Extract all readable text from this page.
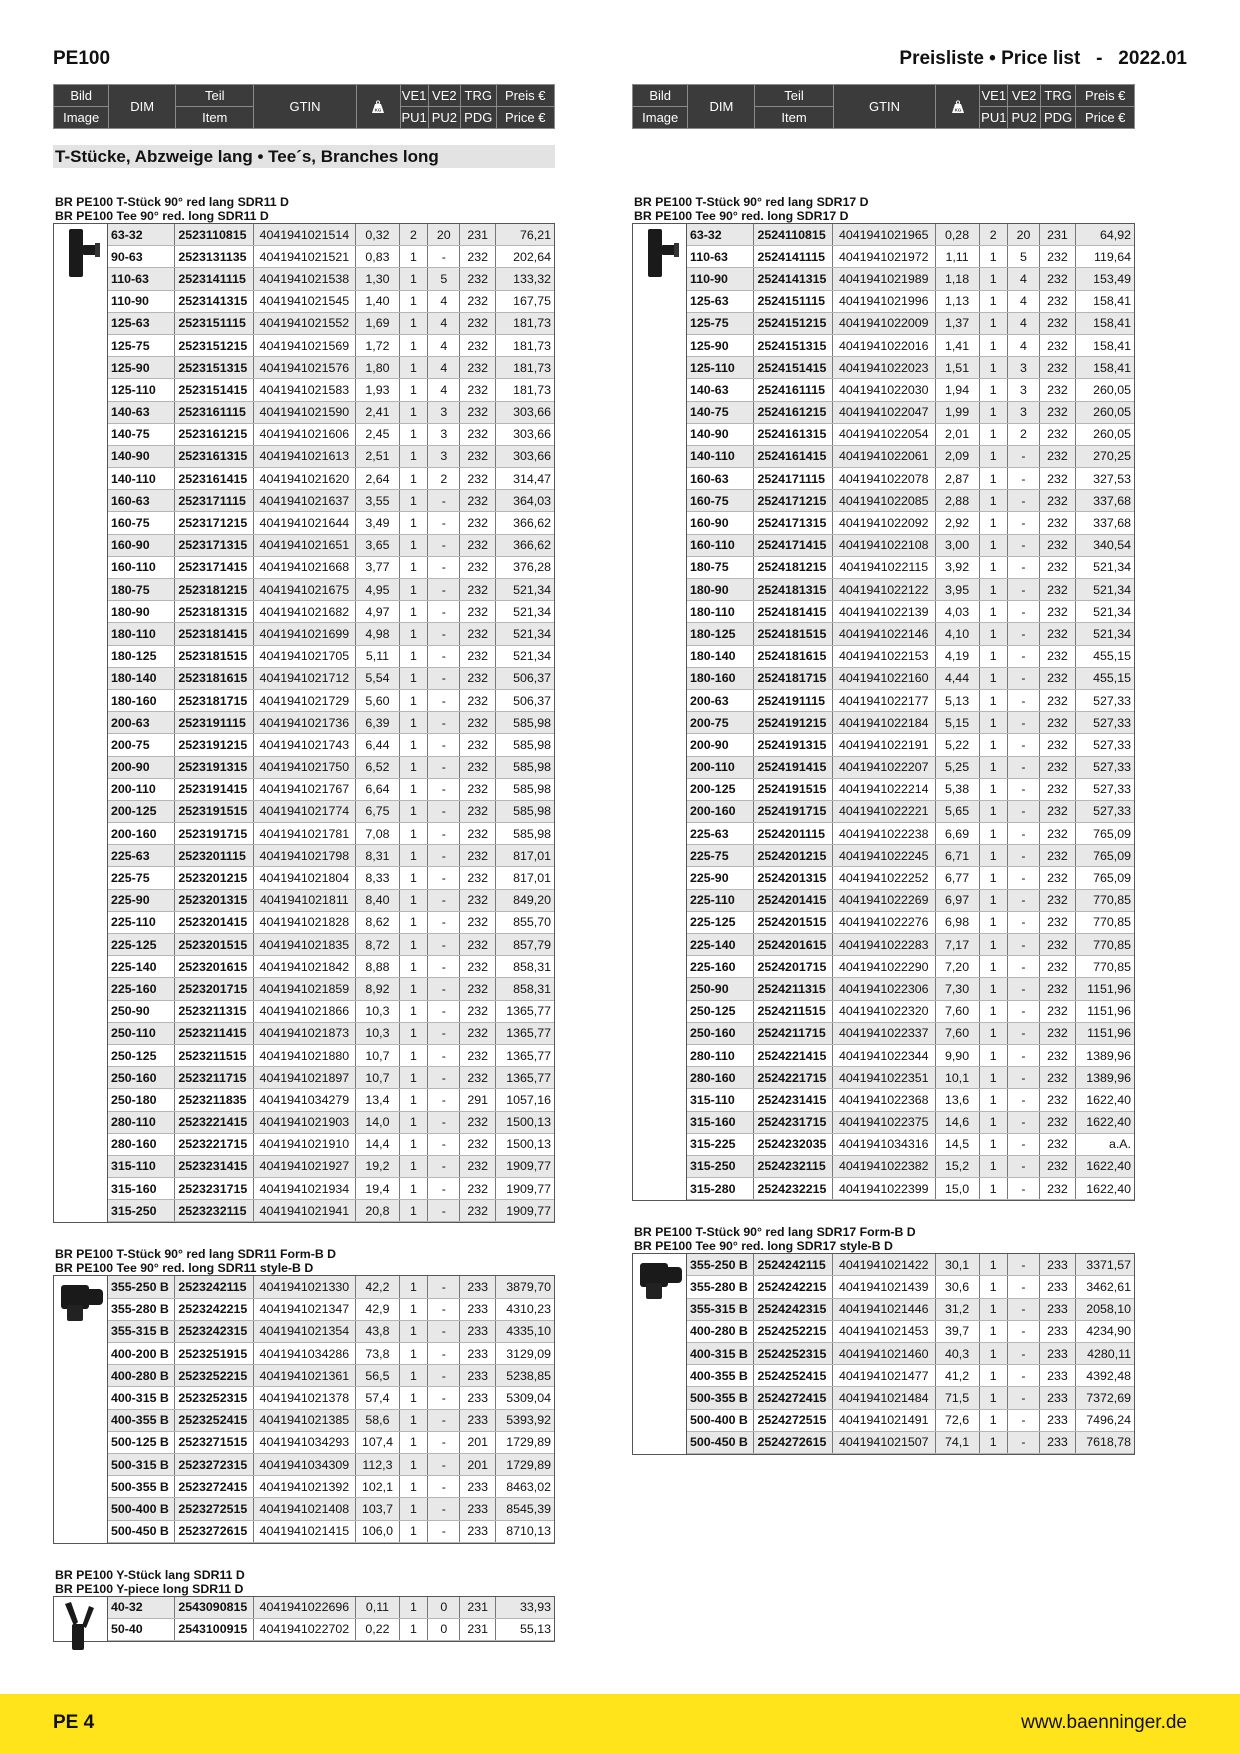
PE100	Preisliste • Price list   -   2022.01
Bild	DIM	Teil	GTIN	KG	VE1	VE2	TRG	Preis €
Image		Item			PU1	PU2	PDG	Price €
T-Stücke, Abzweige lang • Tee´s, Branches long
BR PE100 T-Stück 90° red lang SDR11 D
BR PE100 Tee 90° red. long SDR11 D
63-32	2523110815	4041941021514	0,32	2	20	231	76,21
90-63	2523131135	4041941021521	0,83	1	-	232	202,64
110-63	2523141115	4041941021538	1,30	1	5	232	133,32
110-90	2523141315	4041941021545	1,40	1	4	232	167,75
125-63	2523151115	4041941021552	1,69	1	4	232	181,73
125-75	2523151215	4041941021569	1,72	1	4	232	181,73
125-90	2523151315	4041941021576	1,80	1	4	232	181,73
125-110	2523151415	4041941021583	1,93	1	4	232	181,73
140-63	2523161115	4041941021590	2,41	1	3	232	303,66
140-75	2523161215	4041941021606	2,45	1	3	232	303,66
140-90	2523161315	4041941021613	2,51	1	3	232	303,66
140-110	2523161415	4041941021620	2,64	1	2	232	314,47
160-63	2523171115	4041941021637	3,55	1	-	232	364,03
160-75	2523171215	4041941021644	3,49	1	-	232	366,62
160-90	2523171315	4041941021651	3,65	1	-	232	366,62
160-110	2523171415	4041941021668	3,77	1	-	232	376,28
180-75	2523181215	4041941021675	4,95	1	-	232	521,34
180-90	2523181315	4041941021682	4,97	1	-	232	521,34
180-110	2523181415	4041941021699	4,98	1	-	232	521,34
180-125	2523181515	4041941021705	5,11	1	-	232	521,34
180-140	2523181615	4041941021712	5,54	1	-	232	506,37
180-160	2523181715	4041941021729	5,60	1	-	232	506,37
200-63	2523191115	4041941021736	6,39	1	-	232	585,98
200-75	2523191215	4041941021743	6,44	1	-	232	585,98
200-90	2523191315	4041941021750	6,52	1	-	232	585,98
200-110	2523191415	4041941021767	6,64	1	-	232	585,98
200-125	2523191515	4041941021774	6,75	1	-	232	585,98
200-160	2523191715	4041941021781	7,08	1	-	232	585,98
225-63	2523201115	4041941021798	8,31	1	-	232	817,01
225-75	2523201215	4041941021804	8,33	1	-	232	817,01
225-90	2523201315	4041941021811	8,40	1	-	232	849,20
225-110	2523201415	4041941021828	8,62	1	-	232	855,70
225-125	2523201515	4041941021835	8,72	1	-	232	857,79
225-140	2523201615	4041941021842	8,88	1	-	232	858,31
225-160	2523201715	4041941021859	8,92	1	-	232	858,31
250-90	2523211315	4041941021866	10,3	1	-	232	1365,77
250-110	2523211415	4041941021873	10,3	1	-	232	1365,77
250-125	2523211515	4041941021880	10,7	1	-	232	1365,77
250-160	2523211715	4041941021897	10,7	1	-	232	1365,77
250-180	2523211835	4041941034279	13,4	1	-	291	1057,16
280-110	2523221415	4041941021903	14,0	1	-	232	1500,13
280-160	2523221715	4041941021910	14,4	1	-	232	1500,13
315-110	2523231415	4041941021927	19,2	1	-	232	1909,77
315-160	2523231715	4041941021934	19,4	1	-	232	1909,77
315-250	2523232115	4041941021941	20,8	1	-	232	1909,77
BR PE100 T-Stück 90° red lang SDR11 Form-B D
BR PE100 Tee 90° red. long SDR11 style-B D
355-250 B	2523242115	4041941021330	42,2	1	-	233	3879,70
355-280 B	2523242215	4041941021347	42,9	1	-	233	4310,23
355-315 B	2523242315	4041941021354	43,8	1	-	233	4335,10
400-200 B	2523251915	4041941034286	73,8	1	-	233	3129,09
400-280 B	2523252215	4041941021361	56,5	1	-	233	5238,85
400-315 B	2523252315	4041941021378	57,4	1	-	233	5309,04
400-355 B	2523252415	4041941021385	58,6	1	-	233	5393,92
500-125 B	2523271515	4041941034293	107,4	1	-	201	1729,89
500-315 B	2523272315	4041941034309	112,3	1	-	201	1729,89
500-355 B	2523272415	4041941021392	102,1	1	-	233	8463,02
500-400 B	2523272515	4041941021408	103,7	1	-	233	8545,39
500-450 B	2523272615	4041941021415	106,0	1	-	233	8710,13
BR PE100 Y-Stück lang SDR11 D
BR PE100 Y-piece long SDR11 D
40-32	2543090815	4041941022696	0,11	1	0	231	33,93
50-40	2543100915	4041941022702	0,22	1	0	231	55,13
Bild	DIM	Teil	GTIN	KG	VE1	VE2	TRG	Preis €
Image		Item			PU1	PU2	PDG	Price €
BR PE100 T-Stück 90° red lang SDR17 D
BR PE100 Tee 90° red. long SDR17 D
63-32	2524110815	4041941021965	0,28	2	20	231	64,92
110-63	2524141115	4041941021972	1,11	1	5	232	119,64
110-90	2524141315	4041941021989	1,18	1	4	232	153,49
125-63	2524151115	4041941021996	1,13	1	4	232	158,41
125-75	2524151215	4041941022009	1,37	1	4	232	158,41
125-90	2524151315	4041941022016	1,41	1	4	232	158,41
125-110	2524151415	4041941022023	1,51	1	3	232	158,41
140-63	2524161115	4041941022030	1,94	1	3	232	260,05
140-75	2524161215	4041941022047	1,99	1	3	232	260,05
140-90	2524161315	4041941022054	2,01	1	2	232	260,05
140-110	2524161415	4041941022061	2,09	1	-	232	270,25
160-63	2524171115	4041941022078	2,87	1	-	232	327,53
160-75	2524171215	4041941022085	2,88	1	-	232	337,68
160-90	2524171315	4041941022092	2,92	1	-	232	337,68
160-110	2524171415	4041941022108	3,00	1	-	232	340,54
180-75	2524181215	4041941022115	3,92	1	-	232	521,34
180-90	2524181315	4041941022122	3,95	1	-	232	521,34
180-110	2524181415	4041941022139	4,03	1	-	232	521,34
180-125	2524181515	4041941022146	4,10	1	-	232	521,34
180-140	2524181615	4041941022153	4,19	1	-	232	455,15
180-160	2524181715	4041941022160	4,44	1	-	232	455,15
200-63	2524191115	4041941022177	5,13	1	-	232	527,33
200-75	2524191215	4041941022184	5,15	1	-	232	527,33
200-90	2524191315	4041941022191	5,22	1	-	232	527,33
200-110	2524191415	4041941022207	5,25	1	-	232	527,33
200-125	2524191515	4041941022214	5,38	1	-	232	527,33
200-160	2524191715	4041941022221	5,65	1	-	232	527,33
225-63	2524201115	4041941022238	6,69	1	-	232	765,09
225-75	2524201215	4041941022245	6,71	1	-	232	765,09
225-90	2524201315	4041941022252	6,77	1	-	232	765,09
225-110	2524201415	4041941022269	6,97	1	-	232	770,85
225-125	2524201515	4041941022276	6,98	1	-	232	770,85
225-140	2524201615	4041941022283	7,17	1	-	232	770,85
225-160	2524201715	4041941022290	7,20	1	-	232	770,85
250-90	2524211315	4041941022306	7,30	1	-	232	1151,96
250-125	2524211515	4041941022320	7,60	1	-	232	1151,96
250-160	2524211715	4041941022337	7,60	1	-	232	1151,96
280-110	2524221415	4041941022344	9,90	1	-	232	1389,96
280-160	2524221715	4041941022351	10,1	1	-	232	1389,96
315-110	2524231415	4041941022368	13,6	1	-	232	1622,40
315-160	2524231715	4041941022375	14,6	1	-	232	1622,40
315-225	2524232035	4041941034316	14,5	1	-	232	a.A.
315-250	2524232115	4041941022382	15,2	1	-	232	1622,40
315-280	2524232215	4041941022399	15,0	1	-	232	1622,40
BR PE100 T-Stück 90° red lang SDR17 Form-B D
BR PE100 Tee 90° red. long SDR17 style-B D
355-250 B	2524242115	4041941021422	30,1	1	-	233	3371,57
355-280 B	2524242215	4041941021439	30,6	1	-	233	3462,61
355-315 B	2524242315	4041941021446	31,2	1	-	233	2058,10
400-280 B	2524252215	4041941021453	39,7	1	-	233	4234,90
400-315 B	2524252315	4041941021460	40,3	1	-	233	4280,11
400-355 B	2524252415	4041941021477	41,2	1	-	233	4392,48
500-355 B	2524272415	4041941021484	71,5	1	-	233	7372,69
500-400 B	2524272515	4041941021491	72,6	1	-	233	7496,24
500-450 B	2524272615	4041941021507	74,1	1	-	233	7618,78
PE 4	www.baenninger.de
